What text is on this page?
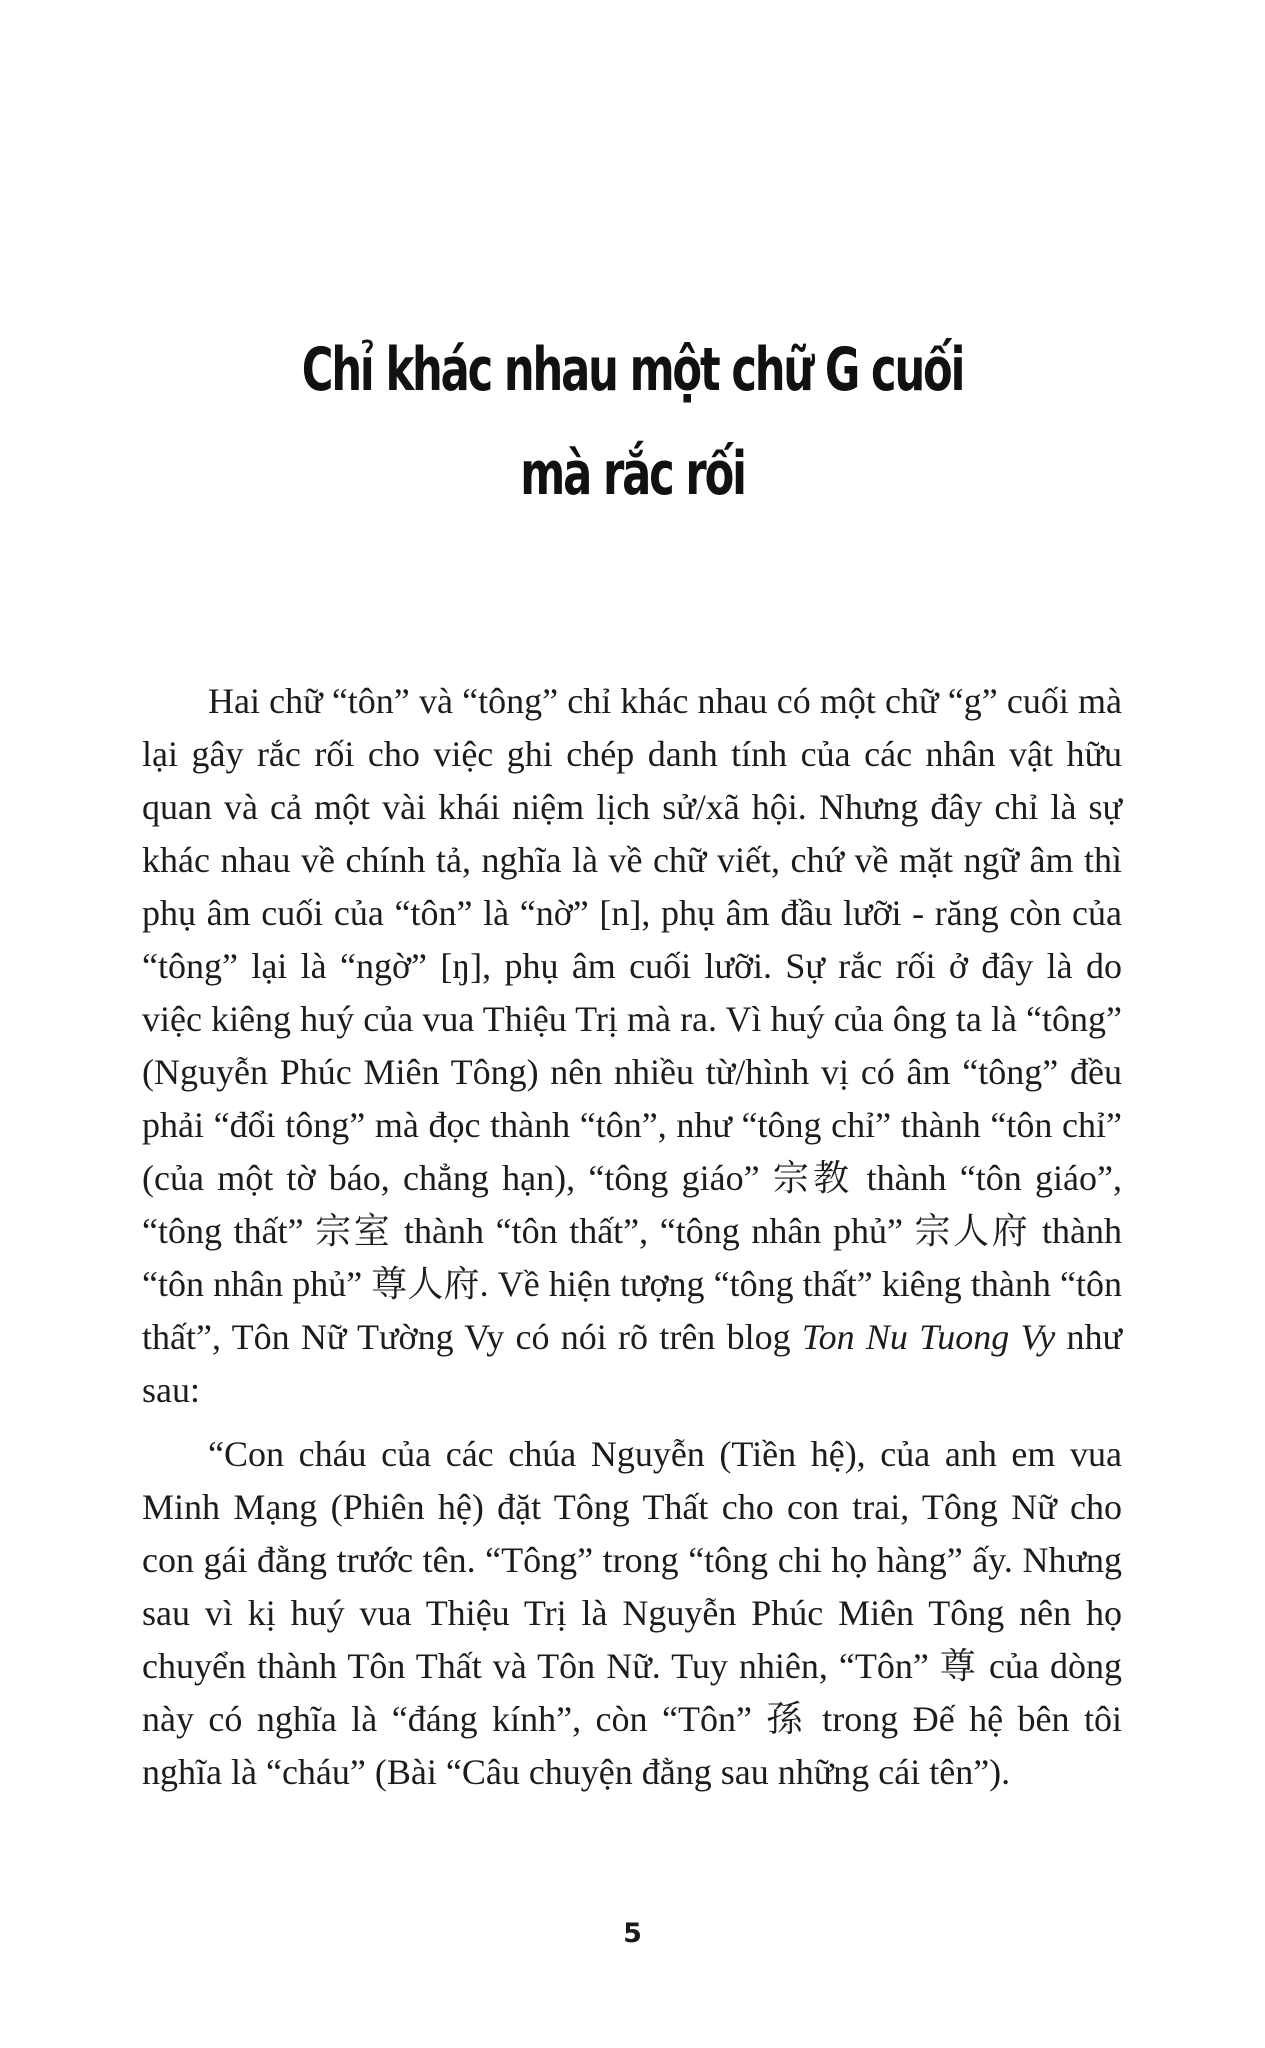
Chỉ khác nhau một chữ G cuối
mà rắc rối

Hai chữ “tôn” và “tông” chỉ khác nhau có một chữ “g” cuối mà lại gây rắc rối cho việc ghi chép danh tính của các nhân vật hữu quan và cả một vài khái niệm lịch sử/xã hội. Nhưng đây chỉ là sự khác nhau về chính tả, nghĩa là về chữ viết, chứ về mặt ngữ âm thì phụ âm cuối của “tôn” là “nờ” [n], phụ âm đầu lưỡi - răng còn của “tông” lại là “ngờ” [ŋ], phụ âm cuối lưỡi. Sự rắc rối ở đây là do việc kiêng huý của vua Thiệu Trị mà ra. Vì huý của ông ta là “tông” (Nguyễn Phúc Miên Tông) nên nhiều từ/hình vị có âm “tông” đều phải “đổi tông” mà đọc thành “tôn”, như “tông chỉ” thành “tôn chỉ” (của một tờ báo, chẳng hạn), “tông giáo” 宗教 thành “tôn giáo”, “tông thất” 宗室 thành “tôn thất”, “tông nhân phủ” 宗人府 thành “tôn nhân phủ” 尊人府. Về hiện tượng “tông thất” kiêng thành “tôn thất”, Tôn Nữ Tường Vy có nói rõ trên blog Ton Nu Tuong Vy như sau:

“Con cháu của các chúa Nguyễn (Tiền hệ), của anh em vua Minh Mạng (Phiên hệ) đặt Tông Thất cho con trai, Tông Nữ cho con gái đằng trước tên. “Tông” trong “tông chi họ hàng” ấy. Nhưng sau vì kị huý vua Thiệu Trị là Nguyễn Phúc Miên Tông nên họ chuyển thành Tôn Thất và Tôn Nữ. Tuy nhiên, “Tôn” 尊 của dòng này có nghĩa là “đáng kính”, còn “Tôn” 孫 trong Đế hệ bên tôi nghĩa là “cháu” (Bài “Câu chuyện đằng sau những cái tên”).

5
